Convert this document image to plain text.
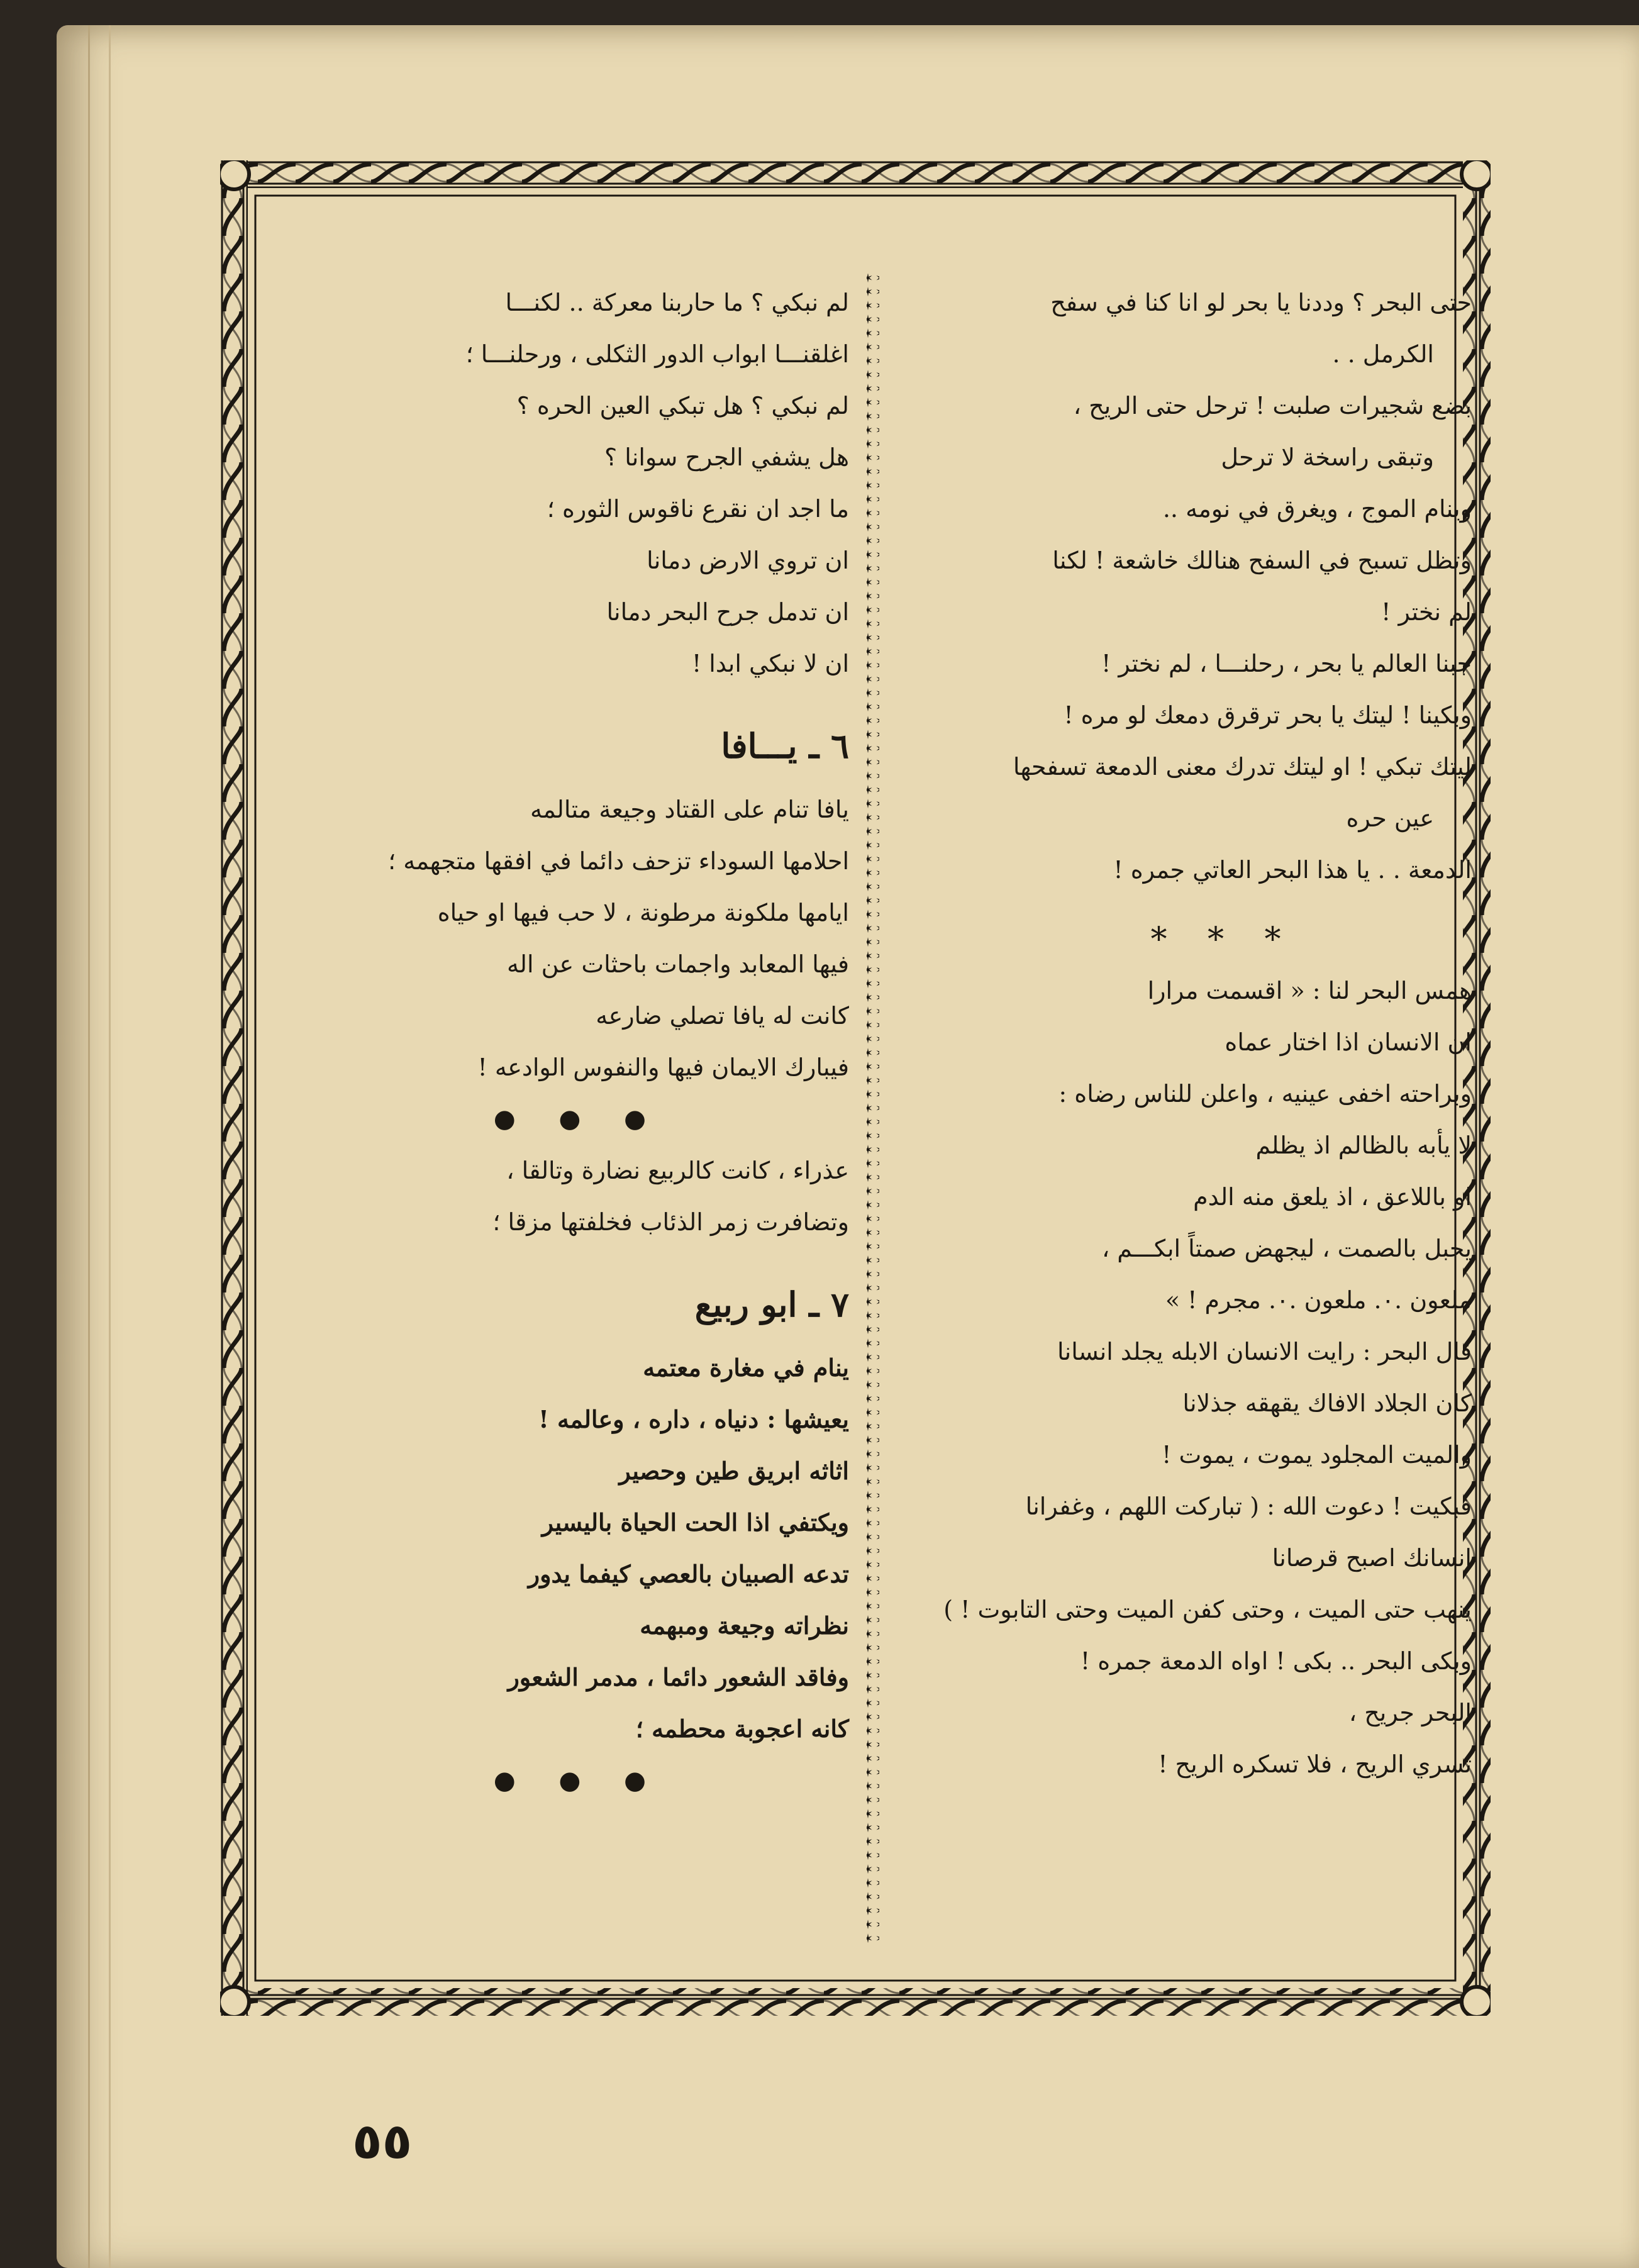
حتى البحر ؟ وددنا يا بحر لو انا كنا في سفح
الكرمل . .
بضع شجيرات صلبت ! ترحل حتى الريح ،
وتبقى راسخة لا ترحل
وينام الموج ، ويغرق في نومه ..
وتظل تسبح في السفح هنالك خاشعة ! لكنا
لم نختر !
جبنا العالم يا بحر ، رحلنـــا ، لم نختر !
وبكينا ! ليتك يا بحر ترقرق دمعك لو مره !
ليتك تبكي ! او ليتك تدرك معنى الدمعة تسفحها
عين حره
الدمعة . . يا هذا البحر العاتي جمره !
* * *
همس البحر لنا : « اقسمت مرارا
ان الانسان اذا اختار عماه
وبراحته اخفى عينيه ، واعلن للناس رضاه :
لا يأبه بالظالم اذ يظلم
او باللاعق ، اذ يلعق منه الدم
يحبل بالصمت ، ليجهض صمتاً ابكـــم ،
ملعون .٠. ملعون .٠. مجرم ! »
قال البحر : رايت الانسان الابله يجلد انسانا
كان الجلاد الافاك يقهقه جذلانا
والميت المجلود يموت ، يموت !
فبكيت ! دعوت الله : ( تباركت اللهم ، وغفرانا
انسانك اصبح قرصانا
ينهب حتى الميت ، وحتى كفن الميت وحتى التابوت ! )
وبكى البحر .. بكى ! اواه الدمعة جمره !
البحر جريح ،
تسري الريح ، فلا تسكره الريح !
لم نبكي ؟ ما حاربنا معركة .. لكنـــا
اغلقنـــا ابواب الدور الثكلى ، ورحلنـــا ؛
لم نبكي ؟ هل تبكي العين الحره ؟
هل يشفي الجرح سوانا ؟
ما اجد ان نقرع ناقوس الثوره ؛
ان تروي الارض دمانا
ان تدمل جرح البحر دمانا
ان لا نبكي ابدا !
٦ ـ يـــافا
يافا تنام على القتاد وجيعة متالمه
احلامها السوداء تزحف دائما في افقها متجهمه ؛
ايامها ملكونة مرطونة ، لا حب فيها او حياه
فيها المعابد واجمات باحثات عن اله
كانت له يافا تصلي ضارعه
فيبارك الايمان فيها والنفوس الوادعه !
● ● ●
عذراء ، كانت كالربيع نضارة وتالقا ،
وتضافرت زمر الذئاب فخلفتها مزقا ؛
٧ ـ ابو ربيع
ينام في مغارة معتمه
يعيشها : دنياه ، داره ، وعالمه !
اثاثه ابريق طين وحصير
ويكتفي اذا الحت الحياة باليسير
تدعه الصبيان بالعصي كيفما يدور
نظراته وجيعة ومبهمه
وفاقد الشعور دائما ، مدمر الشعور
كانه اعجوبة محطمه ؛
● ● ●
٥٥
